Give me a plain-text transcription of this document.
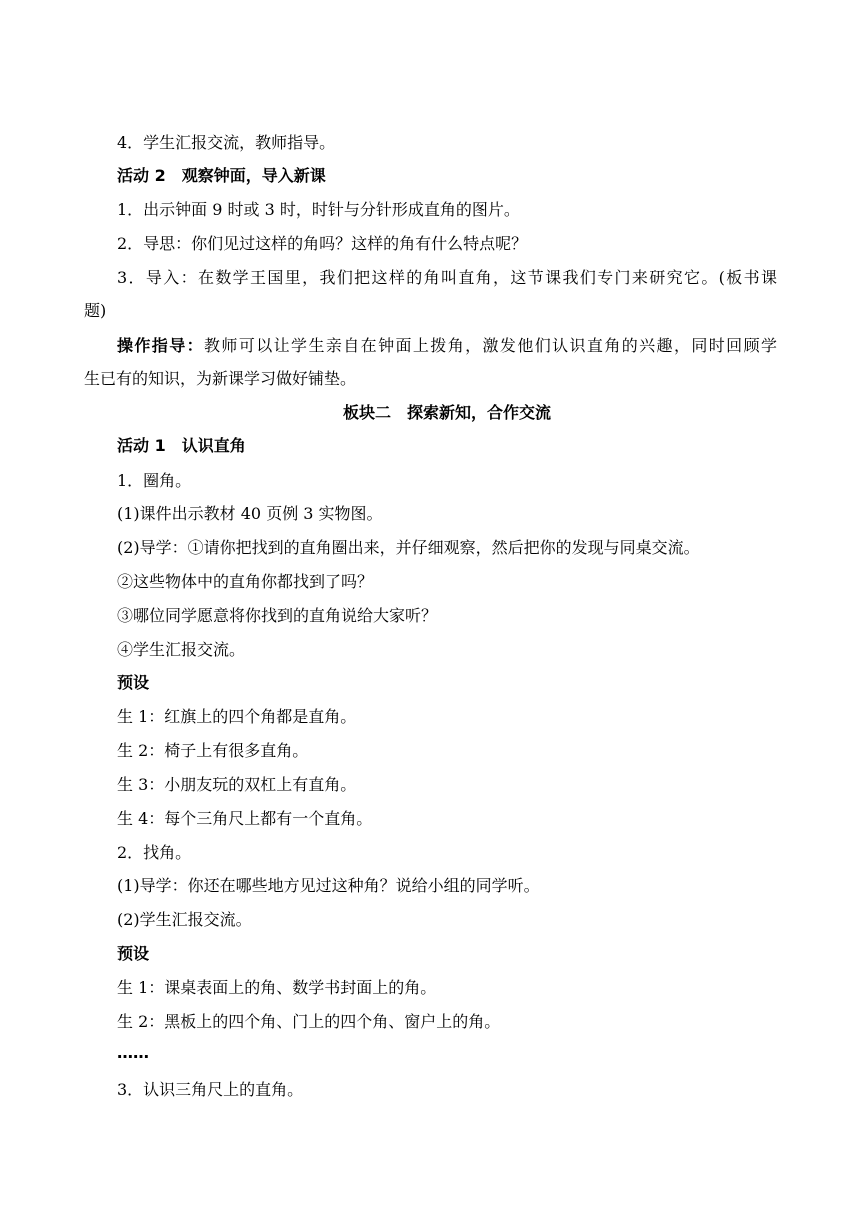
4．学生汇报交流，教师指导。
活动 2　观察钟面，导入新课
1．出示钟面 9 时或 3 时，时针与分针形成直角的图片。
2．导思：你们见过这样的角吗？这样的角有什么特点呢？
3．导入：在数学王国里，我们把这样的角叫直角，这节课我们专门来研究它。(板书课
题)
操作指导：教师可以让学生亲自在钟面上拨角，激发他们认识直角的兴趣，同时回顾学
生已有的知识，为新课学习做好铺垫。
板块二　探索新知，合作交流
活动 1　认识直角
1．圈角。
(1)课件出示教材 40 页例 3 实物图。
(2)导学：①请你把找到的直角圈出来，并仔细观察，然后把你的发现与同桌交流。
②这些物体中的直角你都找到了吗？
③哪位同学愿意将你找到的直角说给大家听？
④学生汇报交流。
预设
生 1：红旗上的四个角都是直角。
生 2：椅子上有很多直角。
生 3：小朋友玩的双杠上有直角。
生 4：每个三角尺上都有一个直角。
2．找角。
(1)导学：你还在哪些地方见过这种角？说给小组的同学听。
(2)学生汇报交流。
预设
生 1：课桌表面上的角、数学书封面上的角。
生 2：黑板上的四个角、门上的四个角、窗户上的角。
……
3．认识三角尺上的直角。
